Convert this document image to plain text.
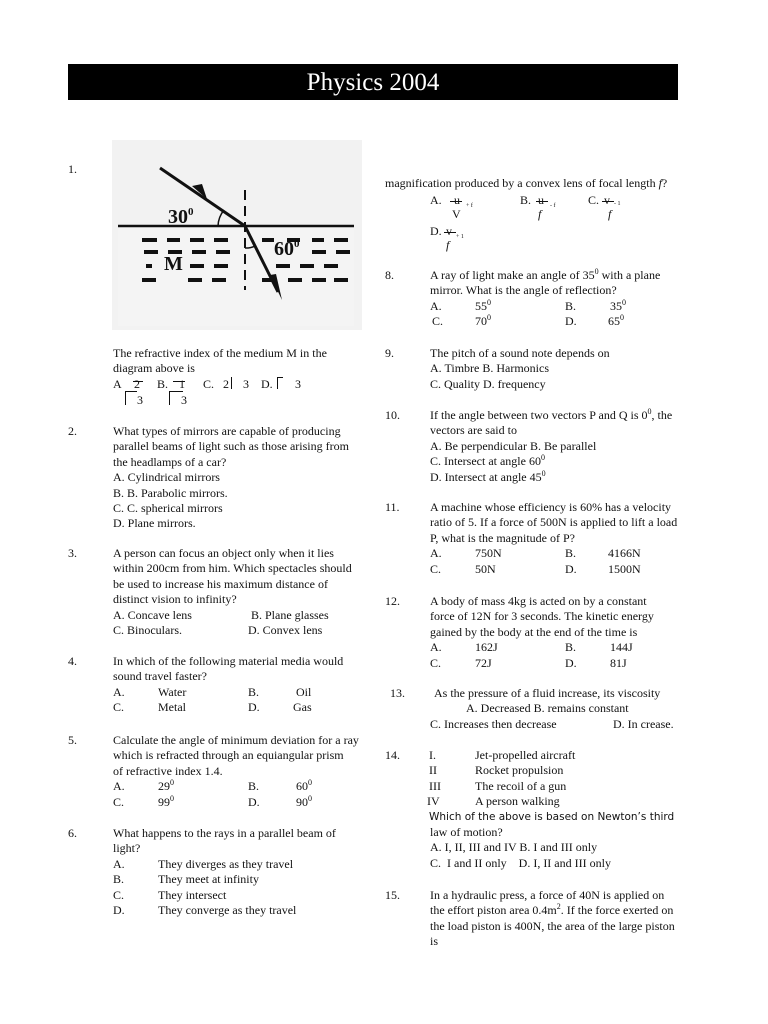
Physics 2004
1.
$30^0$
$60^0$
M
The refractive index of the medium M in the
diagram above is
A 2 B. 1 C. 2 3 D. 3
3	3
2.	What types of mirrors are capable of producing
parallel beams of light such as those arising from
the headlamps of a car?
A. Cylindrical mirrors
B. B. Parabolic mirrors.
C. C. spherical mirrors
D. Plane mirrors.
3.	A person can focus an object only when it lies
within 200cm from him. Which spectacles should
be used to increase his maximum distance of
distinct vision to infinity?
A. Concave lens	B. Plane glasses
C. Binoculars.	D. Convex lens
4.	In which of the following material media would
sound travel faster?
A.	Water	B.	Oil
C.	Metal	D.	Gas
5.	Calculate the angle of minimum deviation for a ray
which is refracted through an equiangular prism
of refractive index 1.4.
A.	$29^0$	B.	$60^0$
C.	$99^0$	D.	$90^0$
6.	What happens to the rays in a parallel beam of
light?
A.	They diverges as they travel
B.	They meet at infinity
C.	They intersect
D.	They converge as they travel
magnification produced by a convex lens of focal length f?
A. u + f
V
B. u - f
f
C. v - 1
f
D. v + 1
f
8.	A ray of light make an angle of $35^0$ with a plane
mirror. What is the angle of reflection?
A.	$55^0$	B.	$35^0$
C.	$70^0$	D.	$65^0$
9.	The pitch of a sound note depends on
A. Timbre B. Harmonics
C. Quality D. frequency
10.	If the angle between two vectors P and Q is $0^0$, the
vectors are said to
A. Be perpendicular B. Be parallel
C. Intersect at angle $60^0$
D. Intersect at angle $45^0$
11.	A machine whose efficiency is 60% has a velocity
ratio of 5. If a force of 500N is applied to lift a load
P, what is the magnitude of P?
A.	750N	B.	4166N
C.	50N	D.	1500N
12.	A body of mass 4kg is acted on by a constant
force of 12N for 3 seconds. The kinetic energy
gained by the body at the end of the time is
A.	162J	B.	144J
C.	72J	D.	81J
13.	As the pressure of a fluid increase, its viscosity
A. Decreased B. remains constant
C. Increases then decrease	D. In crease.
14. I.	Jet-propelled aircraft
II	Rocket propulsion
III	The recoil of a gun
IV	A person walking
Which of the above is based on Newton’s third
law of motion?
A. I, II, III and IV B. I and III only
C.  I and II only    D. I, II and III only
15.	In a hydraulic press, a force of 40N is applied on
the effort piston area $0.4m^2$. If the force exerted on
the load piston is 400N, the area of the large piston
is
